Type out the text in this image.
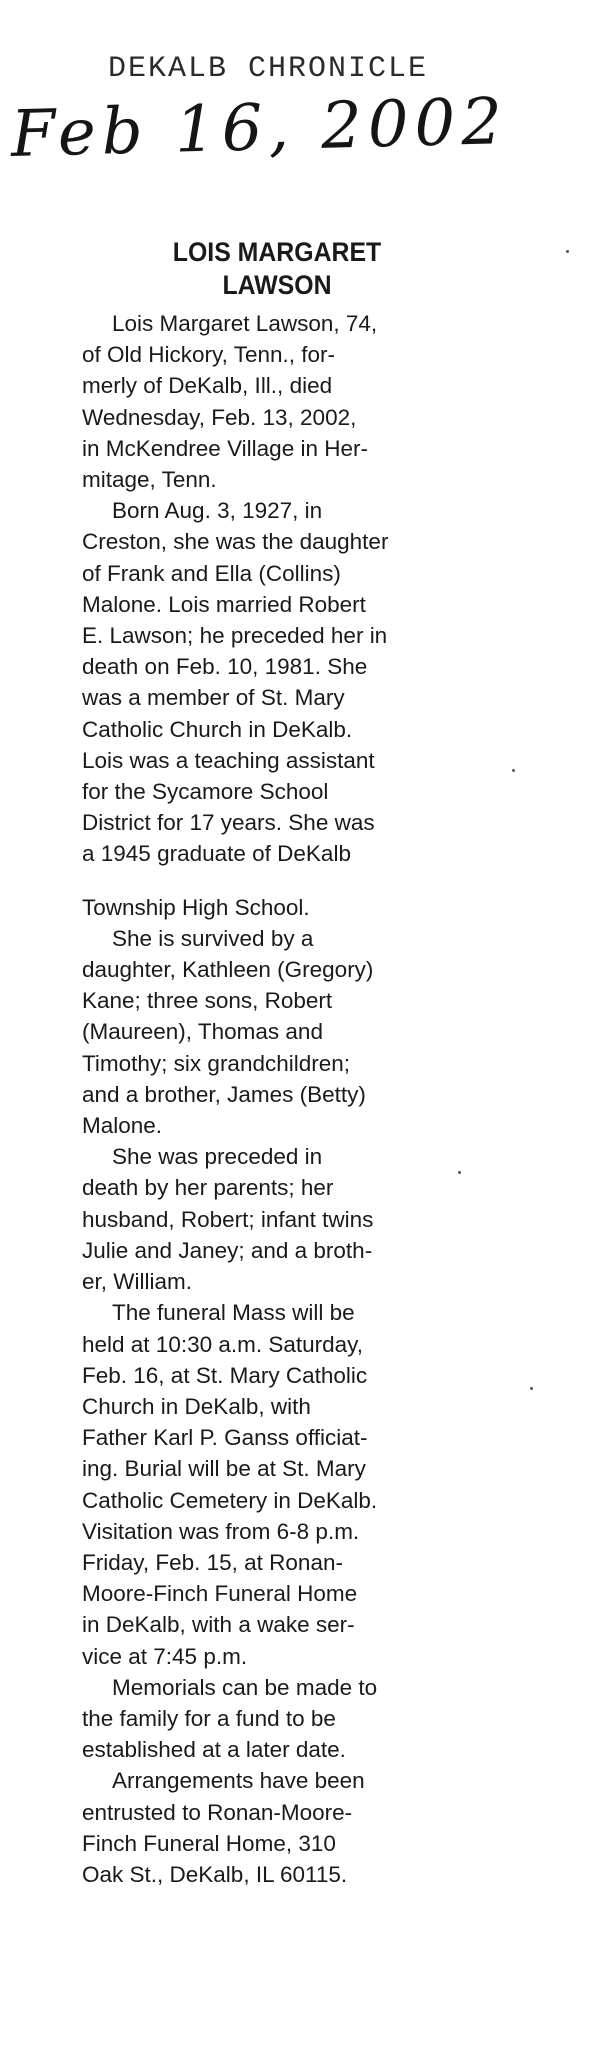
DEKALB CHRONICLE
Feb 16, 2002
LOIS MARGARET
LAWSON

Lois Margaret Lawson, 74,
of Old Hickory, Tenn., for-
merly of DeKalb, Ill., died
Wednesday, Feb. 13, 2002,
in McKendree Village in Her-
mitage, Tenn.

Born Aug. 3, 1927, in
Creston, she was the daughter
of Frank and Ella (Collins)
Malone. Lois married Robert
E. Lawson; he preceded her in
death on Feb. 10, 1981. She
was a member of St. Mary
Catholic Church in DeKalb.
Lois was a teaching assistant
for the Sycamore School
District for 17 years. She was
a 1945 graduate of DeKalb
Township High School.

She is survived by a
daughter, Kathleen (Gregory)
Kane; three sons, Robert
(Maureen), Thomas and
Timothy; six grandchildren;
and a brother, James (Betty)
Malone.

She was preceded in
death by her parents; her
husband, Robert; infant twins
Julie and Janey; and a broth-
er, William.

The funeral Mass will be
held at 10:30 a.m. Saturday,
Feb. 16, at St. Mary Catholic
Church in DeKalb, with
Father Karl P. Ganss officiat-
ing. Burial will be at St. Mary
Catholic Cemetery in DeKalb.
Visitation was from 6-8 p.m.
Friday, Feb. 15, at Ronan-
Moore-Finch Funeral Home
in DeKalb, with a wake ser-
vice at 7:45 p.m.

Memorials can be made to
the family for a fund to be
established at a later date.

Arrangements have been
entrusted to Ronan-Moore-
Finch Funeral Home, 310
Oak St., DeKalb, IL 60115.
